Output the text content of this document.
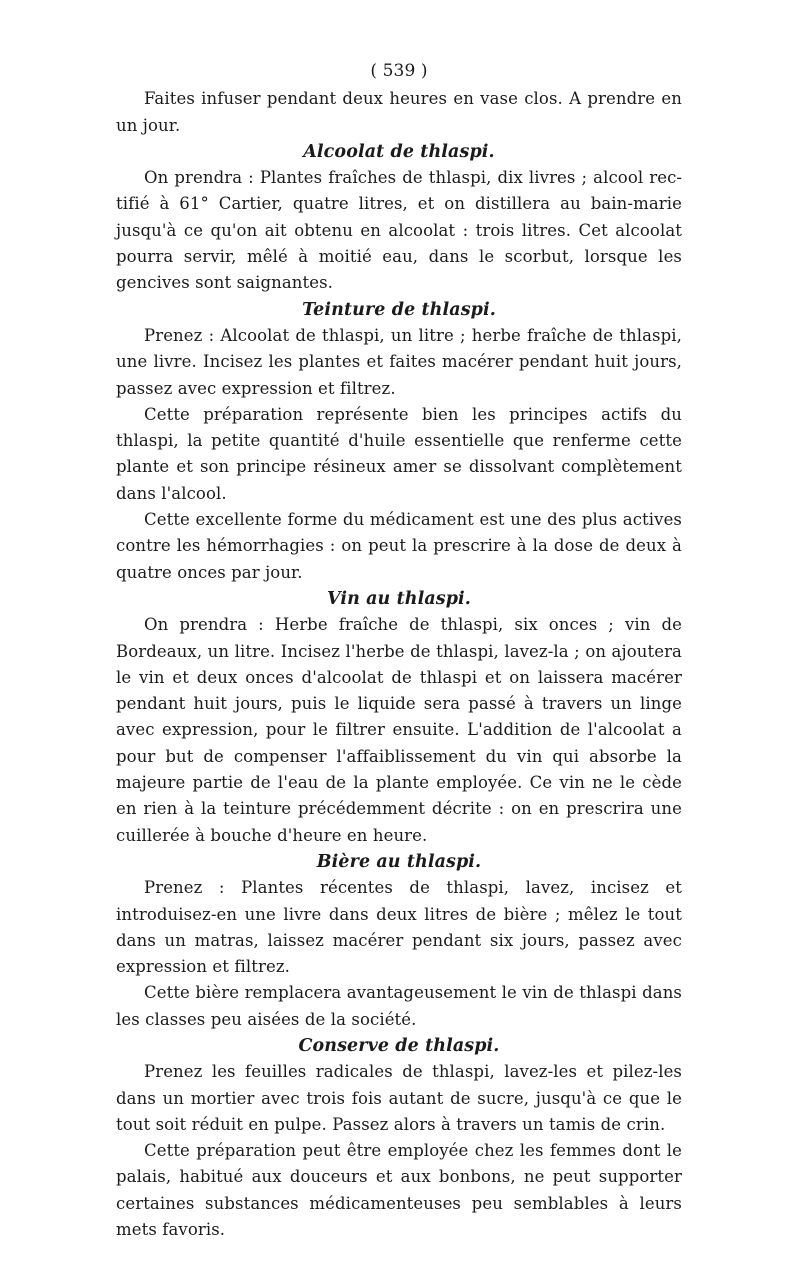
( 539 )

Faites infuser pendant deux heures en vase clos. A prendre en un jour.

Alcoolat de thlaspi.

On prendra : Plantes fraîches de thlaspi, dix livres ; alcool rectifié à 61° Cartier, quatre litres, et on distillera au bain-marie jusqu'à ce qu'on ait obtenu en alcoolat : trois litres. Cet alcoolat pourra servir, mêlé à moitié eau, dans le scorbut, lorsque les gencives sont saignantes.

Teinture de thlaspi.

Prenez : Alcoolat de thlaspi, un litre ; herbe fraîche de thlaspi, une livre. Incisez les plantes et faites macérer pendant huit jours, passez avec expression et filtrez.

Cette préparation représente bien les principes actifs du thlaspi, la petite quantité d'huile essentielle que renferme cette plante et son principe résineux amer se dissolvant complètement dans l'alcool.

Cette excellente forme du médicament est une des plus actives contre les hémorrhagies : on peut la prescrire à la dose de deux à quatre onces par jour.

Vin au thlaspi.

On prendra : Herbe fraîche de thlaspi, six onces ; vin de Bordeaux, un litre. Incisez l'herbe de thlaspi, lavez-la ; on ajoutera le vin et deux onces d'alcoolat de thlaspi et on laissera macérer pendant huit jours, puis le liquide sera passé à travers un linge avec expression, pour le filtrer ensuite. L'addition de l'alcoolat a pour but de compenser l'affaiblissement du vin qui absorbe la majeure partie de l'eau de la plante employée. Ce vin ne le cède en rien à la teinture précédemment décrite : on en prescrira une cuillerée à bouche d'heure en heure.

Bière au thlaspi.

Prenez : Plantes récentes de thlaspi, lavez, incisez et introduisez-en une livre dans deux litres de bière ; mêlez le tout dans un matras, laissez macérer pendant six jours, passez avec expression et filtrez.

Cette bière remplacera avantageusement le vin de thlaspi dans les classes peu aisées de la société.

Conserve de thlaspi.

Prenez les feuilles radicales de thlaspi, lavez-les et pilez-les dans un mortier avec trois fois autant de sucre, jusqu'à ce que le tout soit réduit en pulpe. Passez alors à travers un tamis de crin.

Cette préparation peut être employée chez les femmes dont le palais, habitué aux douceurs et aux bonbons, ne peut supporter certaines substances médicamenteuses peu semblables à leurs mets favoris.
